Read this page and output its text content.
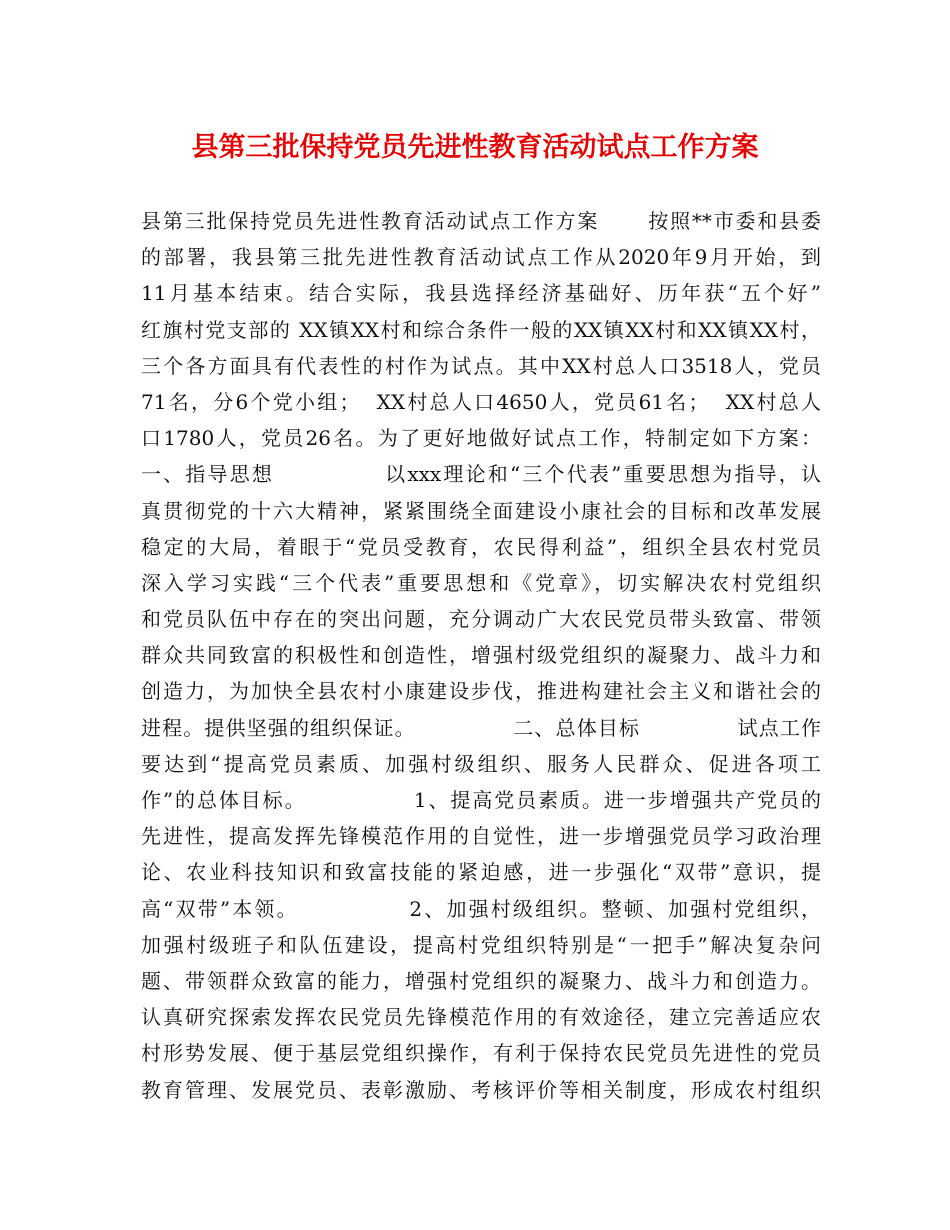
县第三批保持党员先进性教育活动试点工作方案
县第三批保持党员先进性教育活动试点工作方案      按照**市委和县委
的部署，我县第三批先进性教育活动试点工作从2020年9月开始，到
11月基本结束。结合实际，我县选择经济基础好、历年获“五个好”
红旗村党支部的 XX镇XX村和综合条件一般的XX镇XX村和XX镇XX村，
三个各方面具有代表性的村作为试点。其中XX村总人口3518人，党员
71名，分6个党小组；  XX村总人口4650人，党员61名；  XX村总人
口1780人，党员26名。为了更好地做好试点工作，特制定如下方案：
一、指导思想             以xxx理论和“三个代表”重要思想为指导，认
真贯彻党的十六大精神，紧紧围绕全面建设小康社会的目标和改革发展
稳定的大局，着眼于“党员受教育，农民得利益”，组织全县农村党员
深入学习实践“三个代表”重要思想和《党章》，切实解决农村党组织
和党员队伍中存在的突出问题，充分调动广大农民党员带头致富、带领
群众共同致富的积极性和创造性，增强村级党组织的凝聚力、战斗力和
创造力，为加快全县农村小康建设步伐，推进构建社会主义和谐社会的
进程。提供坚强的组织保证。             二、总体目标             试点工作
要达到“提高党员素质、加强村级组织、服务人民群众、促进各项工
作”的总体目标。             1、提高党员素质。进一步增强共产党员的
先进性，提高发挥先锋模范作用的自觉性，进一步增强党员学习政治理
论、农业科技知识和致富技能的紧迫感，进一步强化“双带”意识，提
高“双带”本领。             2、加强村级组织。整顿、加强村党组织，
加强村级班子和队伍建设，提高村党组织特别是“一把手”解决复杂问
题、带领群众致富的能力，增强村党组织的凝聚力、战斗力和创造力。
认真研究探索发挥农民党员先锋模范作用的有效途径，建立完善适应农
村形势发展、便于基层党组织操作，有利于保持农民党员先进性的党员
教育管理、发展党员、表彰激励、考核评价等相关制度，形成农村组织
